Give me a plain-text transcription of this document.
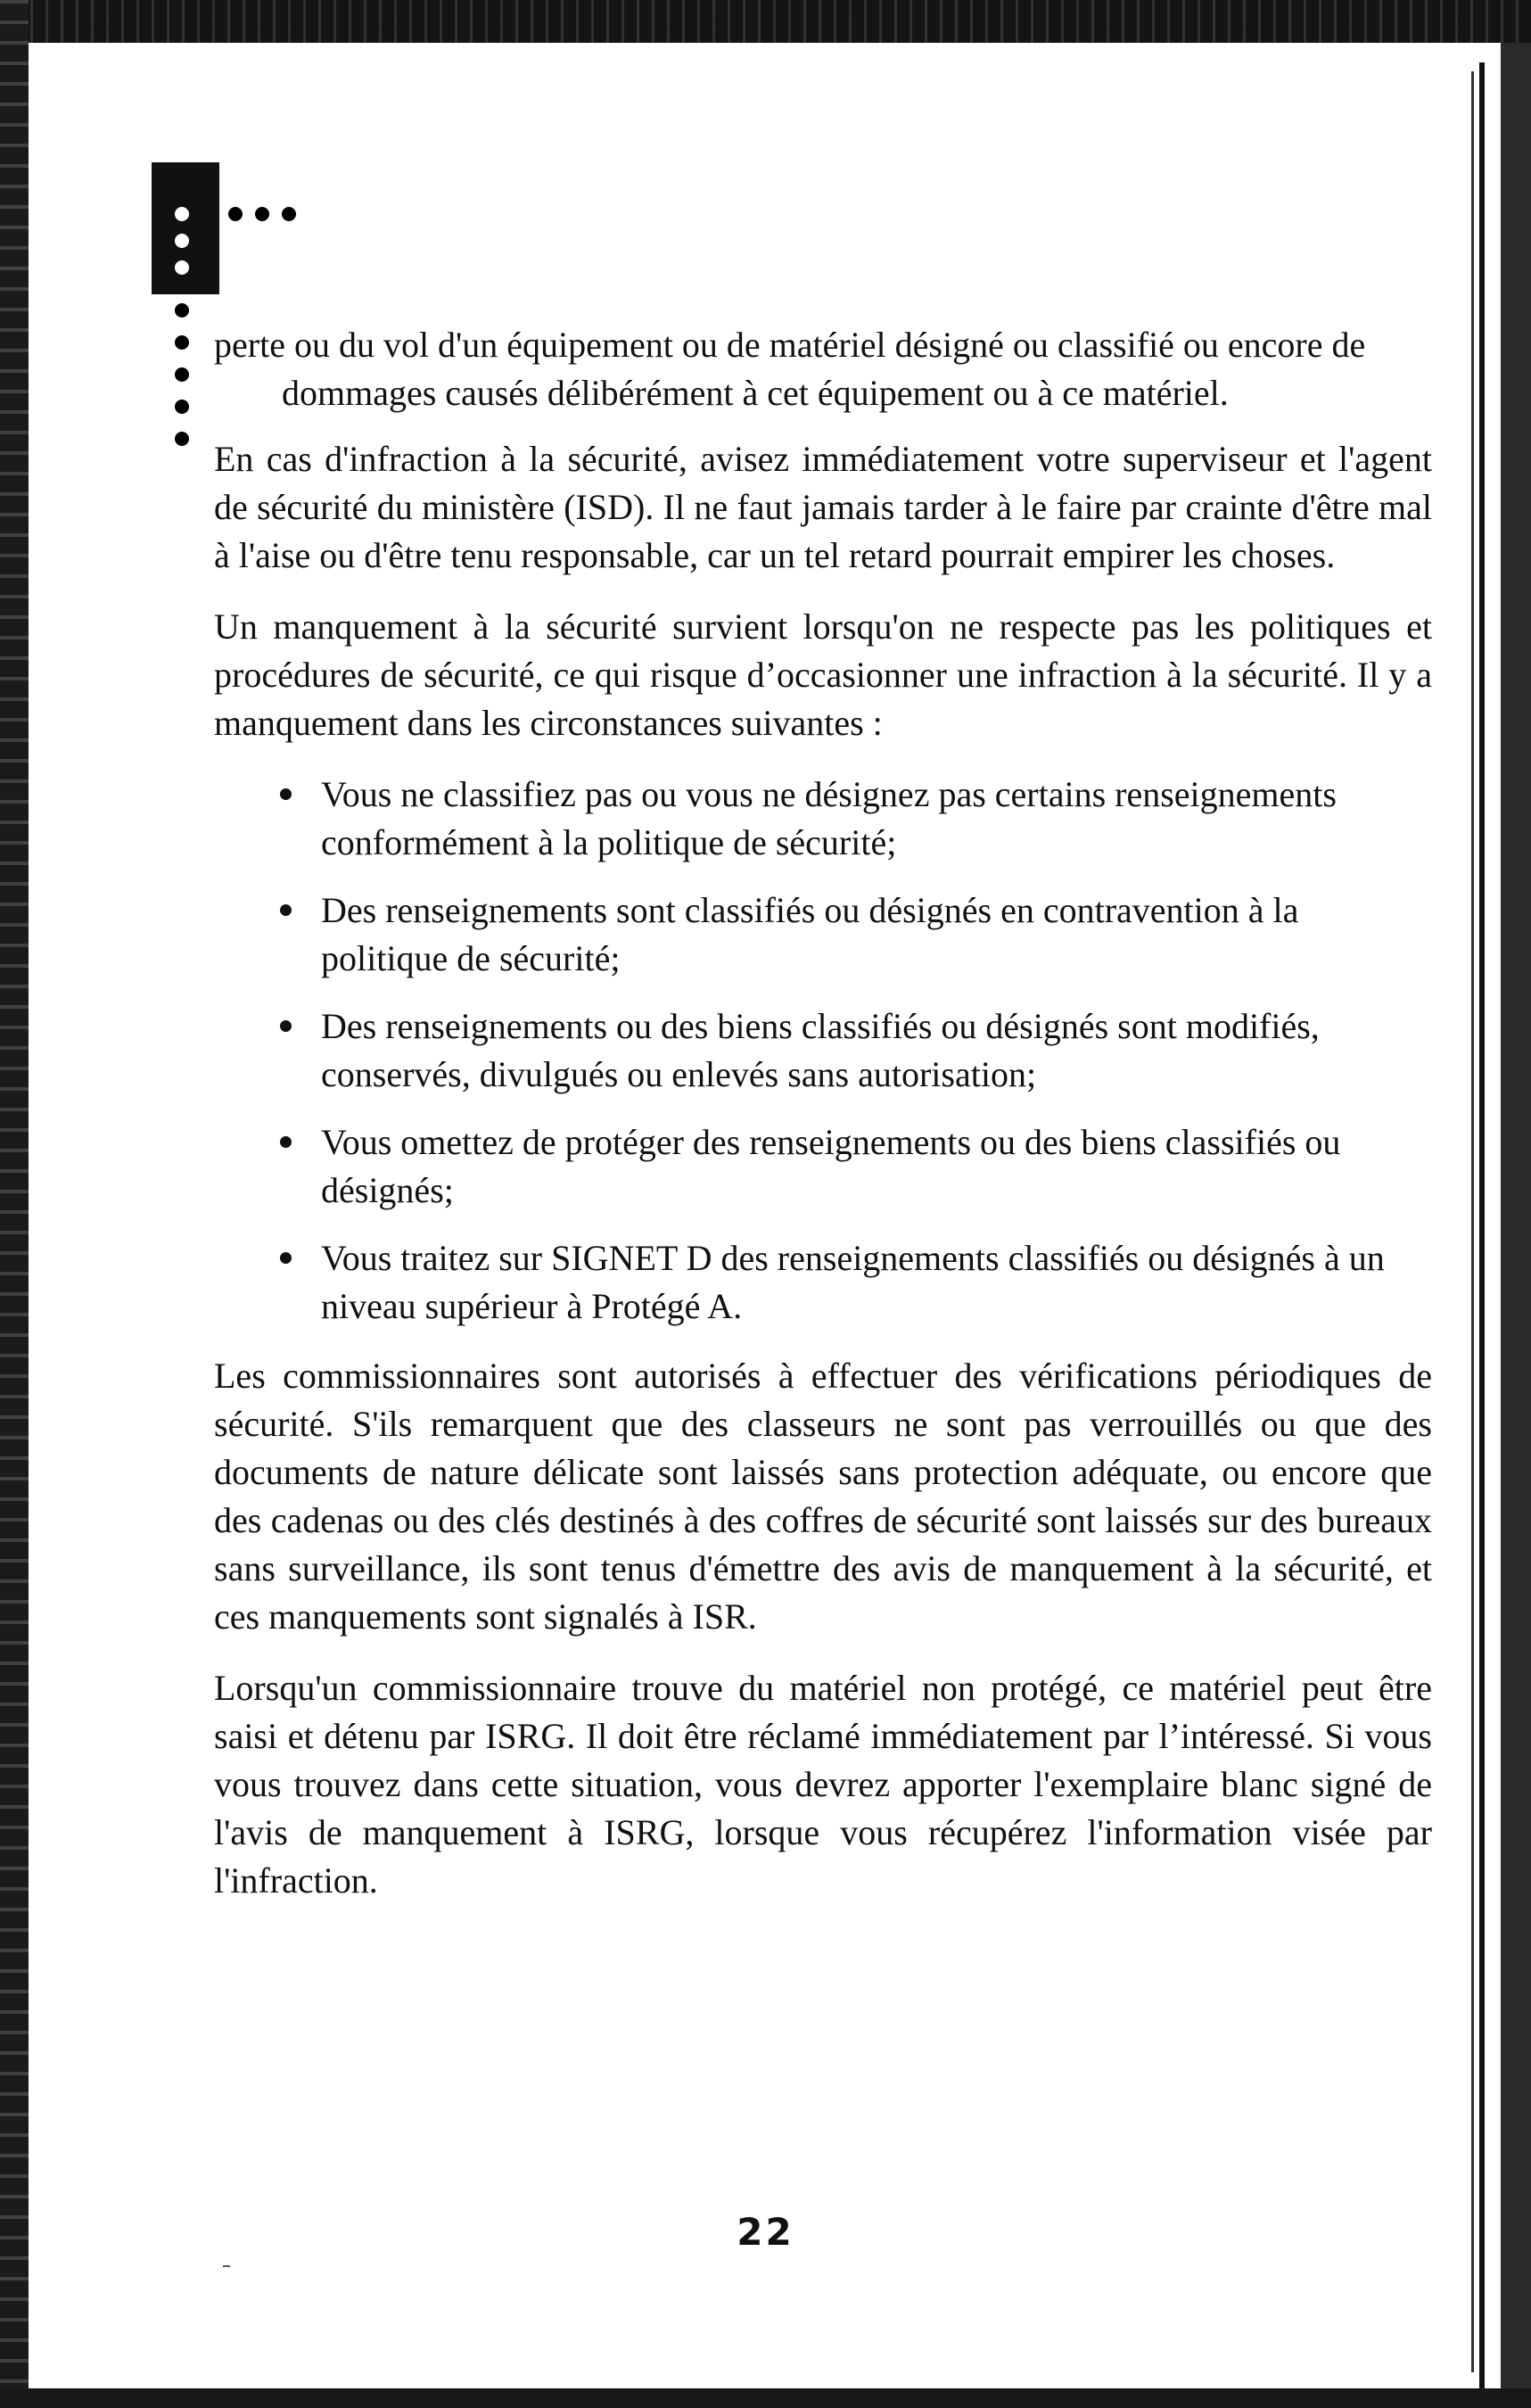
perte ou du vol d'un équipement ou de matériel désigné ou classifié ou encore de
dommages causés délibérément à cet équipement ou à ce matériel.

En cas d'infraction à la sécurité, avisez immédiatement votre superviseur et l'agent de sécurité du ministère (ISD). Il ne faut jamais tarder à le faire par crainte d'être mal à l'aise ou d'être tenu responsable, car un tel retard pourrait empirer les choses.

Un manquement à la sécurité survient lorsqu'on ne respecte pas les politiques et procédures de sécurité, ce qui risque d’occasionner une infraction à la sécurité. Il y a manquement dans les circonstances suivantes :

Vous ne classifiez pas ou vous ne désignez pas certains renseignements conformément à la politique de sécurité;
Des renseignements sont classifiés ou désignés en contravention à la politique de sécurité;
Des renseignements ou des biens classifiés ou désignés sont modifiés, conservés, divulgués ou enlevés sans autorisation;
Vous omettez de protéger des renseignements ou des biens classifiés ou désignés;
Vous traitez sur SIGNET D des renseignements classifiés ou désignés à un niveau supérieur à Protégé A.

Les commissionnaires sont autorisés à effectuer des vérifications périodiques de sécurité. S'ils remarquent que des classeurs ne sont pas verrouillés ou que des documents de nature délicate sont laissés sans protection adéquate, ou encore que des cadenas ou des clés destinés à des coffres de sécurité sont laissés sur des bureaux sans surveillance, ils sont tenus d'émettre des avis de manquement à la sécurité, et ces manquements sont signalés à ISR.

Lorsqu'un commissionnaire trouve du matériel non protégé, ce matériel peut être saisi et détenu par ISRG. Il doit être réclamé immédiatement par l’intéressé. Si vous vous trouvez dans cette situation, vous devrez apporter l'exemplaire blanc signé de l'avis de manquement à ISRG, lorsque vous récupérez l'information visée par l'infraction.

22
